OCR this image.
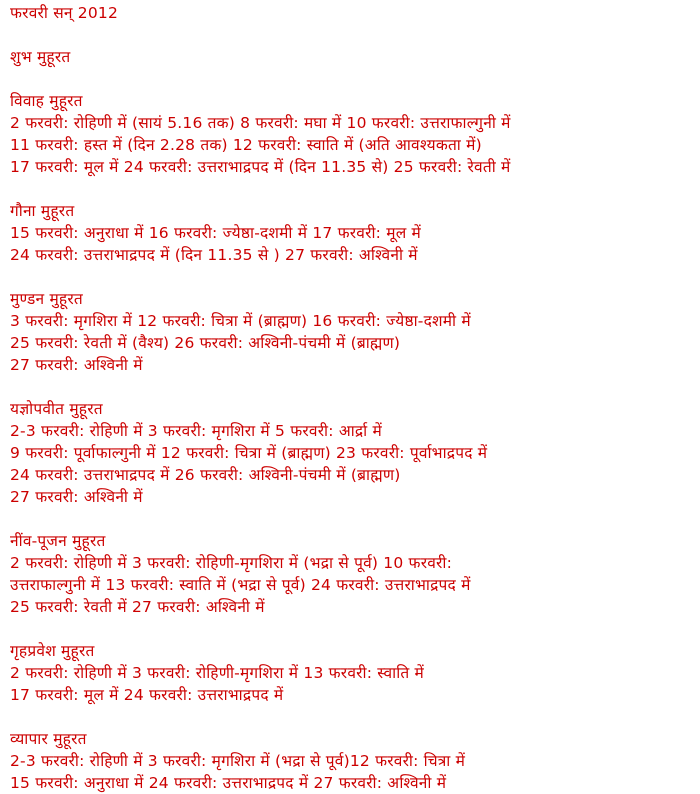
फरवरी सन् 2012
शुभ मुहूरत
विवाह मुहूरत
2 फरवरी: रोहिणी में (सायं 5.16 तक) 8 फरवरी: मघा में 10 फरवरी: उत्तराफाल्गुनी में
11 फरवरी: हस्त में (दिन 2.28 तक) 12 फरवरी: स्वाति में (अति आवश्यकता में)
17 फरवरी: मूल में 24 फरवरी: उत्तराभाद्रपद में (दिन 11.35 से) 25 फरवरी: रेवती में
गौना मुहूरत
15 फरवरी: अनुराधा में 16 फरवरी: ज्येष्ठा-दशमी में 17 फरवरी: मूल में
24 फरवरी: उत्तराभाद्रपद में (दिन 11.35 से ) 27 फरवरी: अश्विनी में
मुण्डन मुहूरत
3 फरवरी: मृगशिरा में 12 फरवरी: चित्रा में (ब्राह्मण) 16 फरवरी: ज्येष्ठा-दशमी में
25 फरवरी: रेवती में (वैश्य) 26 फरवरी: अश्विनी-पंचमी में (ब्राह्मण)
27 फरवरी: अश्विनी में
यज्ञोपवीत मुहूरत
2-3 फरवरी: रोहिणी में 3 फरवरी: मृगशिरा में 5 फरवरी: आर्द्रा में
9 फरवरी: पूर्वाफाल्गुनी में 12 फरवरी: चित्रा में (ब्राह्मण) 23 फरवरी: पूर्वाभाद्रपद में
24 फरवरी: उत्तराभाद्रपद में 26 फरवरी: अश्विनी-पंचमी में (ब्राह्मण)
27 फरवरी: अश्विनी में
नींव-पूजन मुहूरत
2 फरवरी: रोहिणी में 3 फरवरी: रोहिणी-मृगशिरा में (भद्रा से पूर्व) 10 फरवरी:
उत्तराफाल्गुनी में 13 फरवरी: स्वाति में (भद्रा से पूर्व) 24 फरवरी: उत्तराभाद्रपद में
25 फरवरी: रेवती में 27 फरवरी: अश्विनी में
गृहप्रवेश मुहूरत
2 फरवरी: रोहिणी में 3 फरवरी: रोहिणी-मृगशिरा में 13 फरवरी: स्वाति में
17 फरवरी: मूल में 24 फरवरी: उत्तराभाद्रपद में
व्यापार मुहूरत
2-3 फरवरी: रोहिणी में 3 फरवरी: मृगशिरा में (भद्रा से पूर्व)12 फरवरी: चित्रा में
15 फरवरी: अनुराधा में 24 फरवरी: उत्तराभाद्रपद में 27 फरवरी: अश्विनी में
